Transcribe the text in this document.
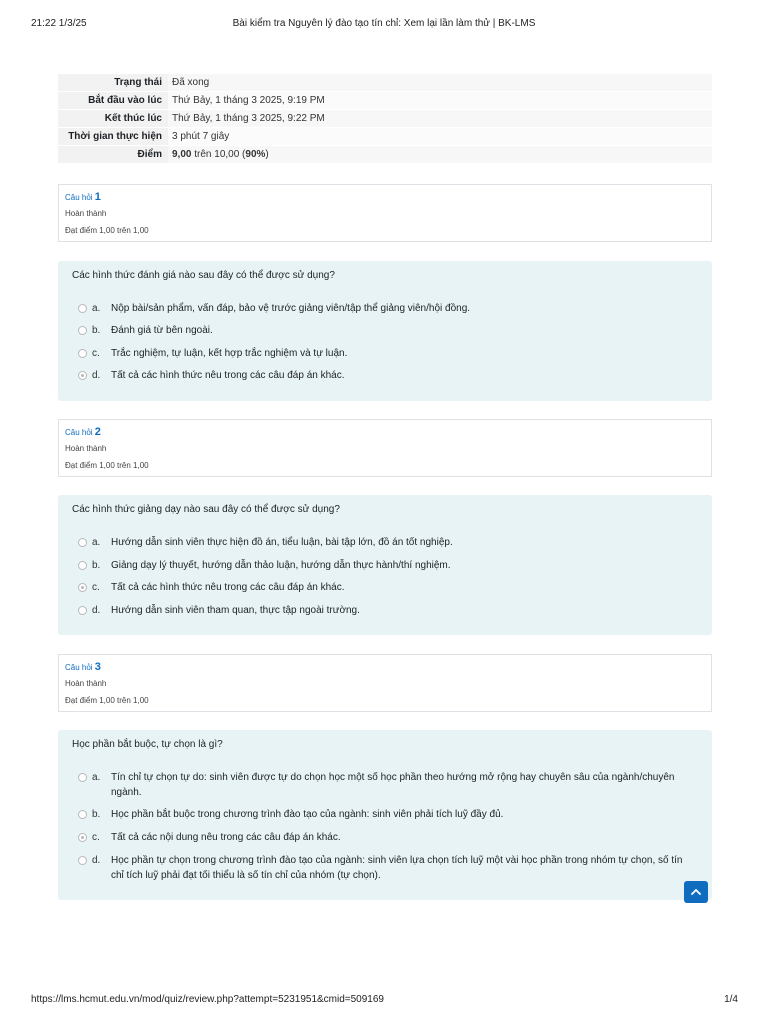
21:22 1/3/25	Bài kiểm tra Nguyên lý đào tạo tín chỉ: Xem lại lần làm thử | BK-LMS
Trạng thái	Đã xong
Bắt đầu vào lúc	Thứ Bảy, 1 tháng 3 2025, 9:19 PM
Kết thúc lúc	Thứ Bảy, 1 tháng 3 2025, 9:22 PM
Thời gian thực hiện	3 phút 7 giây
Điểm	9,00 trên 10,00 (90%)
Câu hỏi 1
Hoàn thành
Đạt điểm 1,00 trên 1,00
Các hình thức đánh giá nào sau đây có thể được sử dụng?
a. Nộp bài/sản phẩm, vấn đáp, bảo vệ trước giảng viên/tập thể giảng viên/hội đồng.
b. Đánh giá từ bên ngoài.
c. Trắc nghiệm, tự luận, kết hợp trắc nghiệm và tự luận.
d. Tất cả các hình thức nêu trong các câu đáp án khác.
Câu hỏi 2
Hoàn thành
Đạt điểm 1,00 trên 1,00
Các hình thức giảng dạy nào sau đây có thể được sử dụng?
a. Hướng dẫn sinh viên thực hiện đồ án, tiểu luận, bài tập lớn, đồ án tốt nghiệp.
b. Giảng dạy lý thuyết, hướng dẫn thảo luận, hướng dẫn thực hành/thí nghiệm.
c. Tất cả các hình thức nêu trong các câu đáp án khác.
d. Hướng dẫn sinh viên tham quan, thực tập ngoài trường.
Câu hỏi 3
Hoàn thành
Đạt điểm 1,00 trên 1,00
Học phần bắt buộc, tự chọn là gì?
a. Tín chỉ tự chọn tự do: sinh viên được tự do chọn học một số học phần theo hướng mở rộng hay chuyên sâu của ngành/chuyên ngành.
b. Học phần bắt buộc trong chương trình đào tạo của ngành: sinh viên phải tích luỹ đầy đủ.
c. Tất cả các nội dung nêu trong các câu đáp án khác.
d. Học phần tự chọn trong chương trình đào tạo của ngành: sinh viên lựa chọn tích luỹ một vài học phần trong nhóm tự chọn, số tín chỉ tích luỹ phải đạt tối thiểu là số tín chỉ của nhóm (tự chọn).
https://lms.hcmut.edu.vn/mod/quiz/review.php?attempt=5231951&cmid=509169	1/4
